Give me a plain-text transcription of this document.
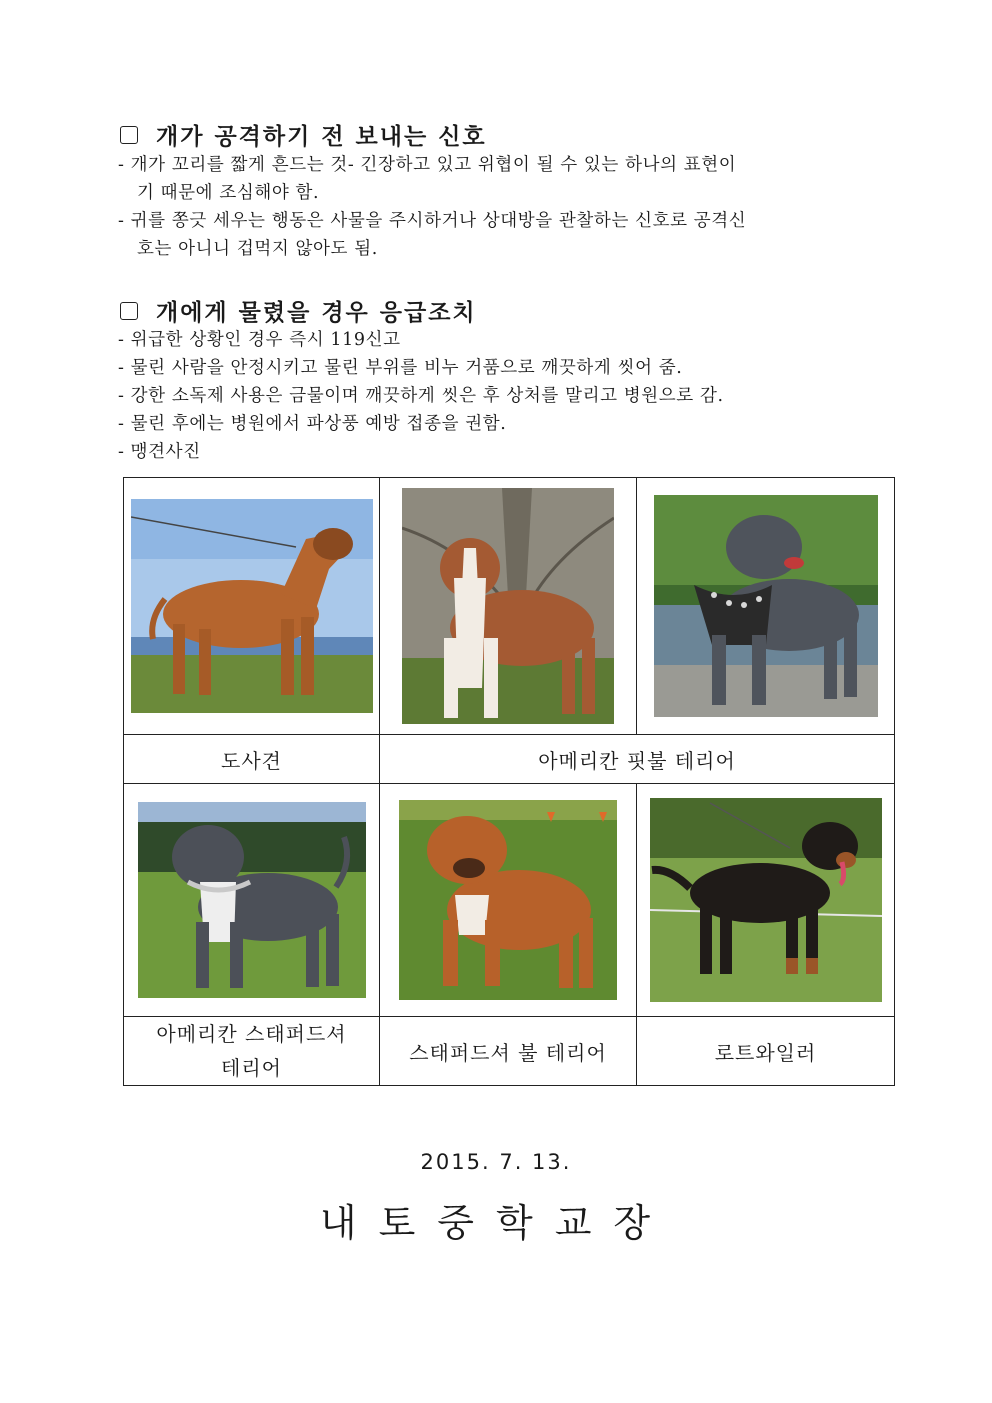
개가 공격하기 전 보내는 신호
- 개가 꼬리를 짧게 흔드는 것- 긴장하고 있고 위협이 될 수 있는 하나의 표현이
기 때문에 조심해야 함.
- 귀를 쫑긋 세우는 행동은 사물을 주시하거나 상대방을 관찰하는 신호로 공격신
호는 아니니 겁먹지 않아도 됨.
개에게 물렸을 경우 응급조치
- 위급한 상황인 경우 즉시 119신고
- 물린 사람을 안정시키고 물린 부위를 비누 거품으로 깨끗하게 씻어 줌.
- 강한 소독제 사용은 금물이며 깨끗하게 씻은 후 상처를 말리고 병원으로 감.
- 물린 후에는 병원에서 파상풍 예방 접종을 권함.
- 맹견사진

도사견	아메리칸 핏불 테리어	

아메리칸 스태퍼드셔
테리어	스태퍼드셔 불 테리어	로트와일러
2015. 7. 13.
내토중학교장
